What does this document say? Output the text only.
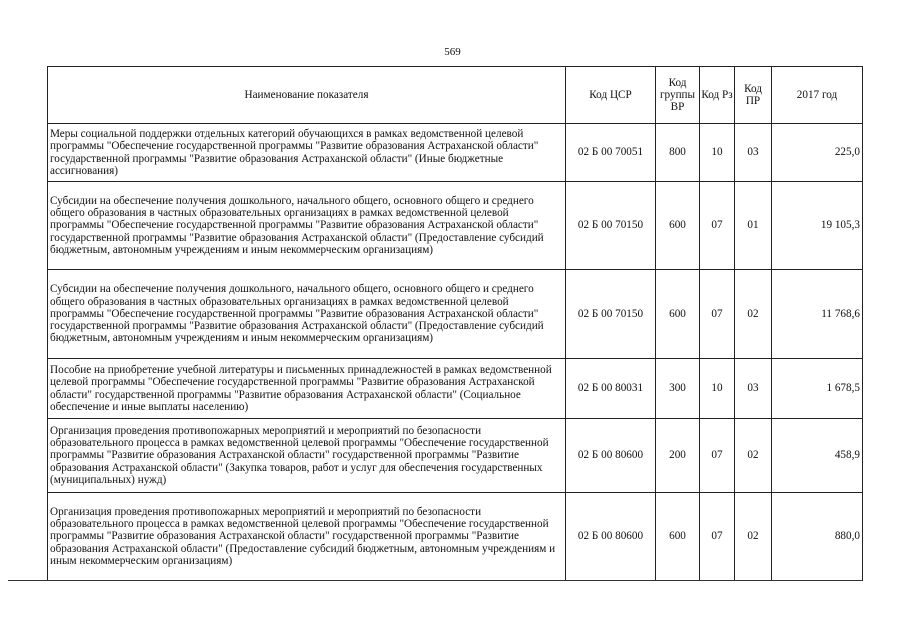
569
Наименование показателя	Код ЦСР	Код группы ВР	Код Рз	Код ПР	2017 год
Меры социальной поддержки отдельных категорий обучающихся в рамках ведомственной целевой программы "Обеспечение государственной программы "Развитие образования Астраханской области" государственной программы "Развитие образования Астраханской области" (Иные бюджетные ассигнования)	02 Б 00 70051	800	10	03	225,0
Субсидии на обеспечение получения дошкольного, начального общего, основного общего и среднего общего образования в частных образовательных организациях в рамках ведомственной целевой программы "Обеспечение государственной программы "Развитие образования Астраханской области" государственной программы "Развитие образования Астраханской области" (Предоставление субсидий бюджетным, автономным учреждениям и иным некоммерческим организациям)	02 Б 00 70150	600	07	01	19 105,3
Субсидии на обеспечение получения дошкольного, начального общего, основного общего и среднего общего образования в частных образовательных организациях в рамках ведомственной целевой программы "Обеспечение государственной программы "Развитие образования Астраханской области" государственной программы "Развитие образования Астраханской области" (Предоставление субсидий бюджетным, автономным учреждениям и иным некоммерческим организациям)	02 Б 00 70150	600	07	02	11 768,6
Пособие на приобретение учебной литературы и письменных принадлежностей в рамках ведомственной целевой программы "Обеспечение государственной программы "Развитие образования Астраханской области" государственной программы "Развитие образования Астраханской области" (Социальное обеспечение и иные выплаты населению)	02 Б 00 80031	300	10	03	1 678,5
Организация проведения противопожарных мероприятий и мероприятий по безопасности образовательного процесса в рамках ведомственной целевой программы "Обеспечение государственной программы "Развитие образования Астраханской области" государственной программы "Развитие образования Астраханской области" (Закупка товаров, работ и услуг для обеспечения государственных (муниципальных) нужд)	02 Б 00 80600	200	07	02	458,9
Организация проведения противопожарных мероприятий и мероприятий по безопасности образовательного процесса в рамках ведомственной целевой программы "Обеспечение государственной программы "Развитие образования Астраханской области" государственной программы "Развитие образования Астраханской области" (Предоставление субсидий бюджетным, автономным учреждениям и иным некоммерческим организациям)	02 Б 00 80600	600	07	02	880,0
